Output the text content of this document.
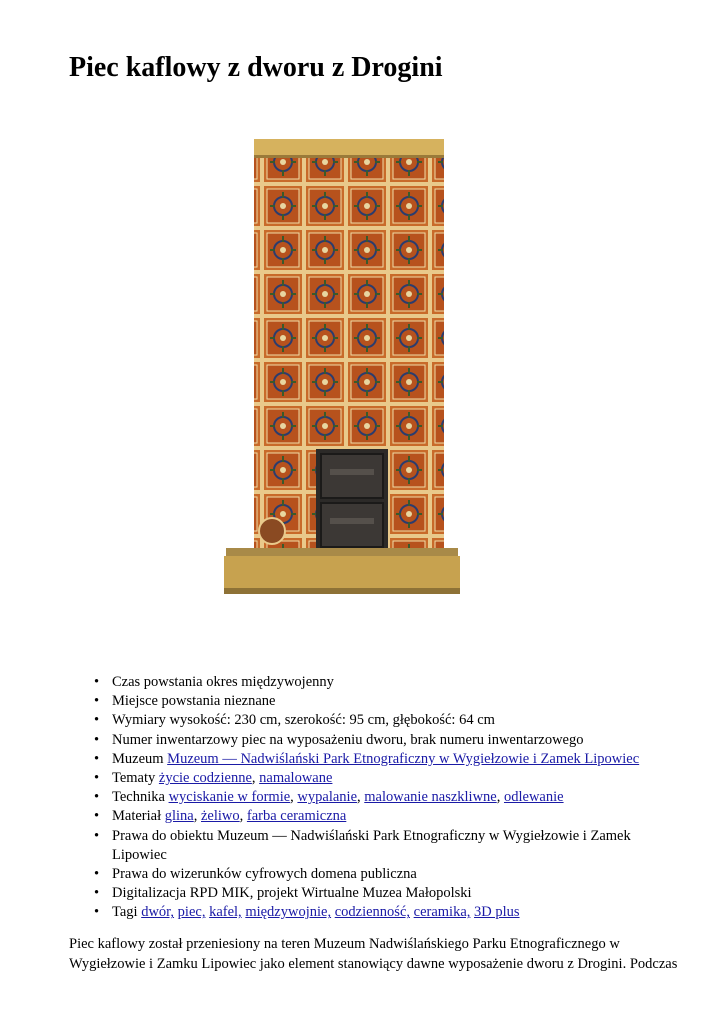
Piec kaflowy z dworu z Drogini
• Czas powstania okres międzywojenny
• Miejsce powstania nieznane
• Wymiary wysokość: 230 cm, szerokość: 95 cm, głębokość: 64 cm
• Numer inwentarzowy piec na wyposażeniu dworu, brak numeru inwentarzowego
• Muzeum Muzeum — Nadwiślański Park Etnograficzny w Wygiełzowie i Zamek Lipowiec
• Tematy życie codzienne, namalowane
• Technika wyciskanie w formie, wypalanie, malowanie naszkliwne, odlewanie
• Materiał glina, żeliwo, farba ceramiczna
• Prawa do obiektu Muzeum — Nadwiślański Park Etnograficzny w Wygiełzowie i Zamek Lipowiec
• Prawa do wizerunków cyfrowych domena publiczna
• Digitalizacja RPD MIK, projekt Wirtualne Muzea Małopolski
• Tagi dwór, piec, kafel, międzywojnie, codzienność, ceramika, 3D plus

Piec kaflowy został przeniesiony na teren Muzeum Nadwiślańskiego Parku Etnograficznego w Wygiełzowie i Zamku Lipowiec jako element stanowiący dawne wyposażenie dworu z Drogini. Podczas
